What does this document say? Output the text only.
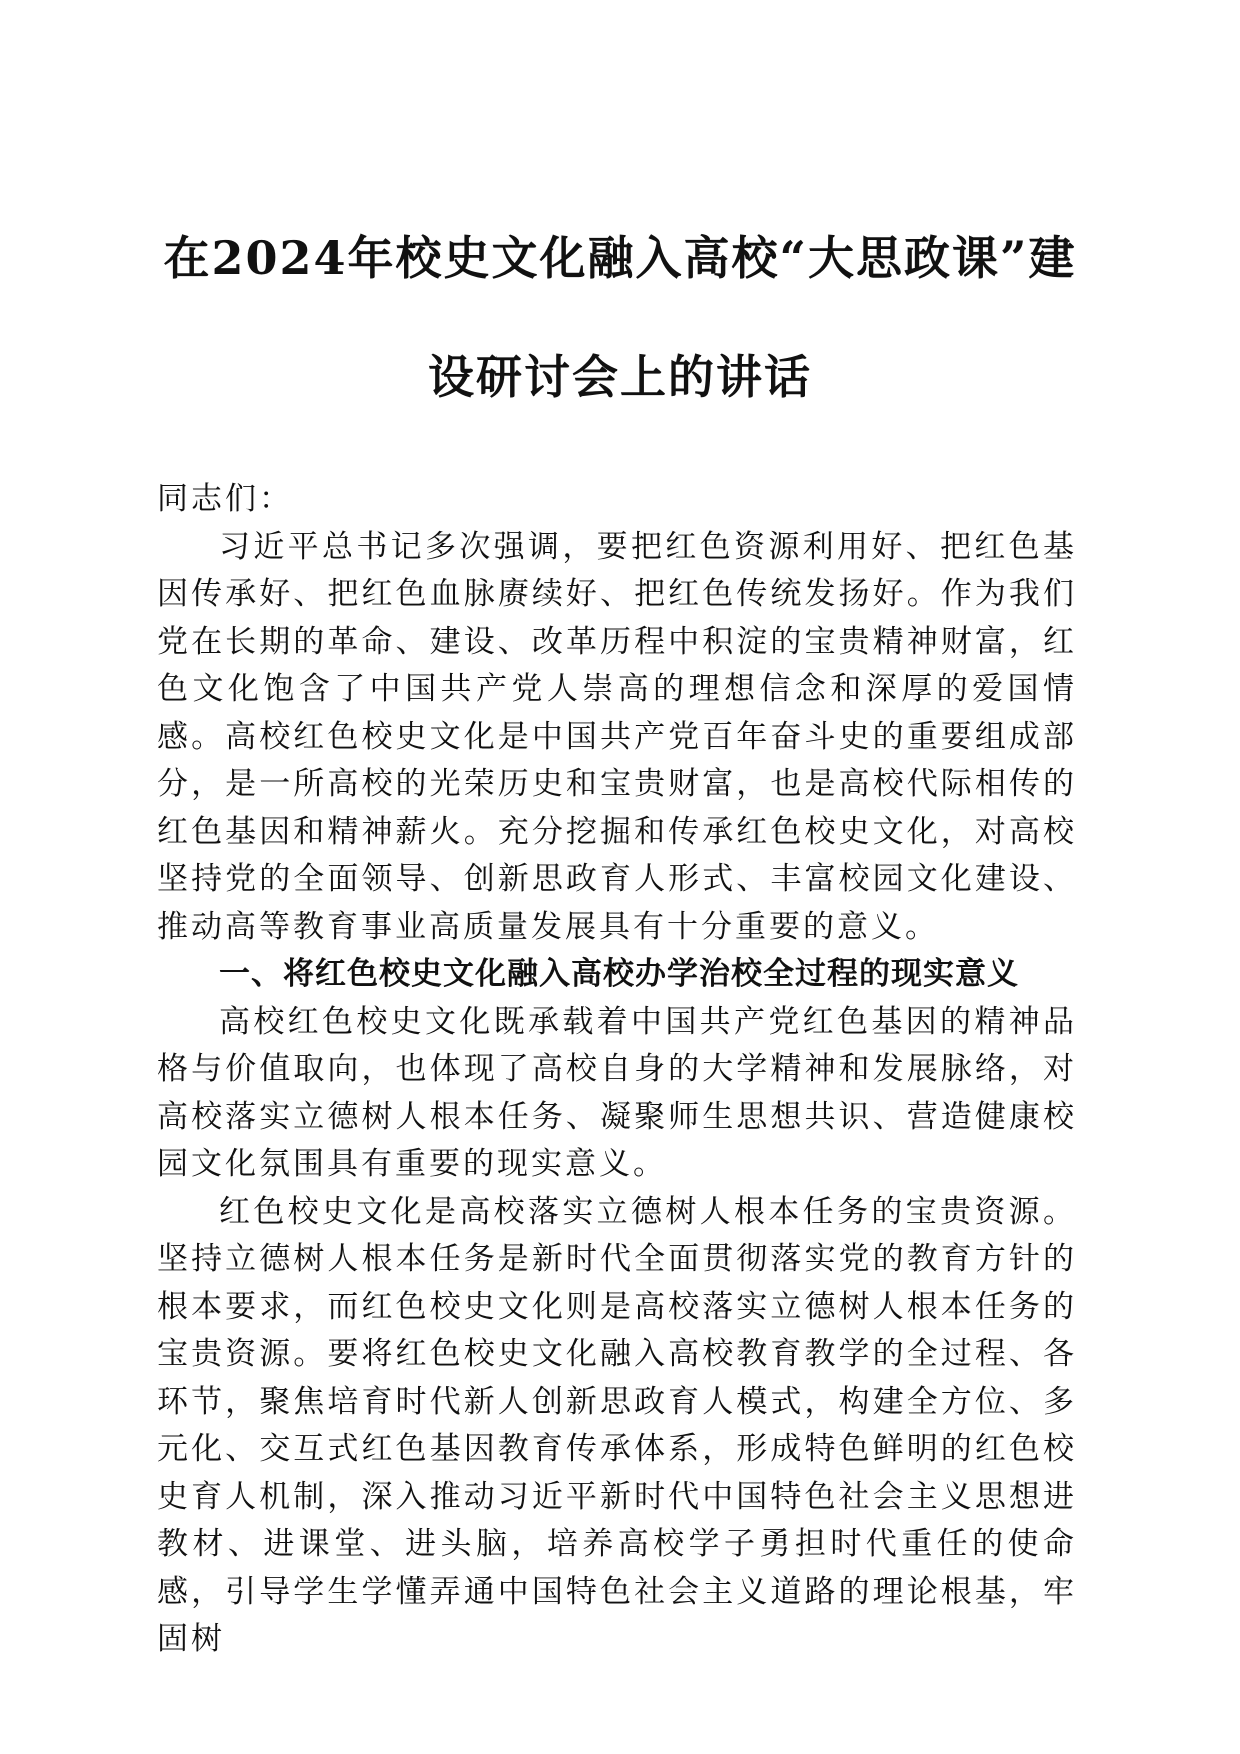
在2024年校史文化融入高校“大思政课”建
设研讨会上的讲话

同志们：

习近平总书记多次强调，要把红色资源利用好、把红色基因传承好、把红色血脉赓续好、把红色传统发扬好。作为我们党在长期的革命、建设、改革历程中积淀的宝贵精神财富，红色文化饱含了中国共产党人崇高的理想信念和深厚的爱国情感。高校红色校史文化是中国共产党百年奋斗史的重要组成部分，是一所高校的光荣历史和宝贵财富，也是高校代际相传的红色基因和精神薪火。充分挖掘和传承红色校史文化，对高校坚持党的全面领导、创新思政育人形式、丰富校园文化建设、推动高等教育事业高质量发展具有十分重要的意义。

一、将红色校史文化融入高校办学治校全过程的现实意义

高校红色校史文化既承载着中国共产党红色基因的精神品格与价值取向，也体现了高校自身的大学精神和发展脉络，对高校落实立德树人根本任务、凝聚师生思想共识、营造健康校园文化氛围具有重要的现实意义。

红色校史文化是高校落实立德树人根本任务的宝贵资源。坚持立德树人根本任务是新时代全面贯彻落实党的教育方针的根本要求，而红色校史文化则是高校落实立德树人根本任务的宝贵资源。要将红色校史文化融入高校教育教学的全过程、各环节，聚焦培育时代新人创新思政育人模式，构建全方位、多元化、交互式红色基因教育传承体系，形成特色鲜明的红色校史育人机制，深入推动习近平新时代中国特色社会主义思想进教材、进课堂、进头脑，培养高校学子勇担时代重任的使命感，引导学生学懂弄通中国特色社会主义道路的理论根基，牢固树
